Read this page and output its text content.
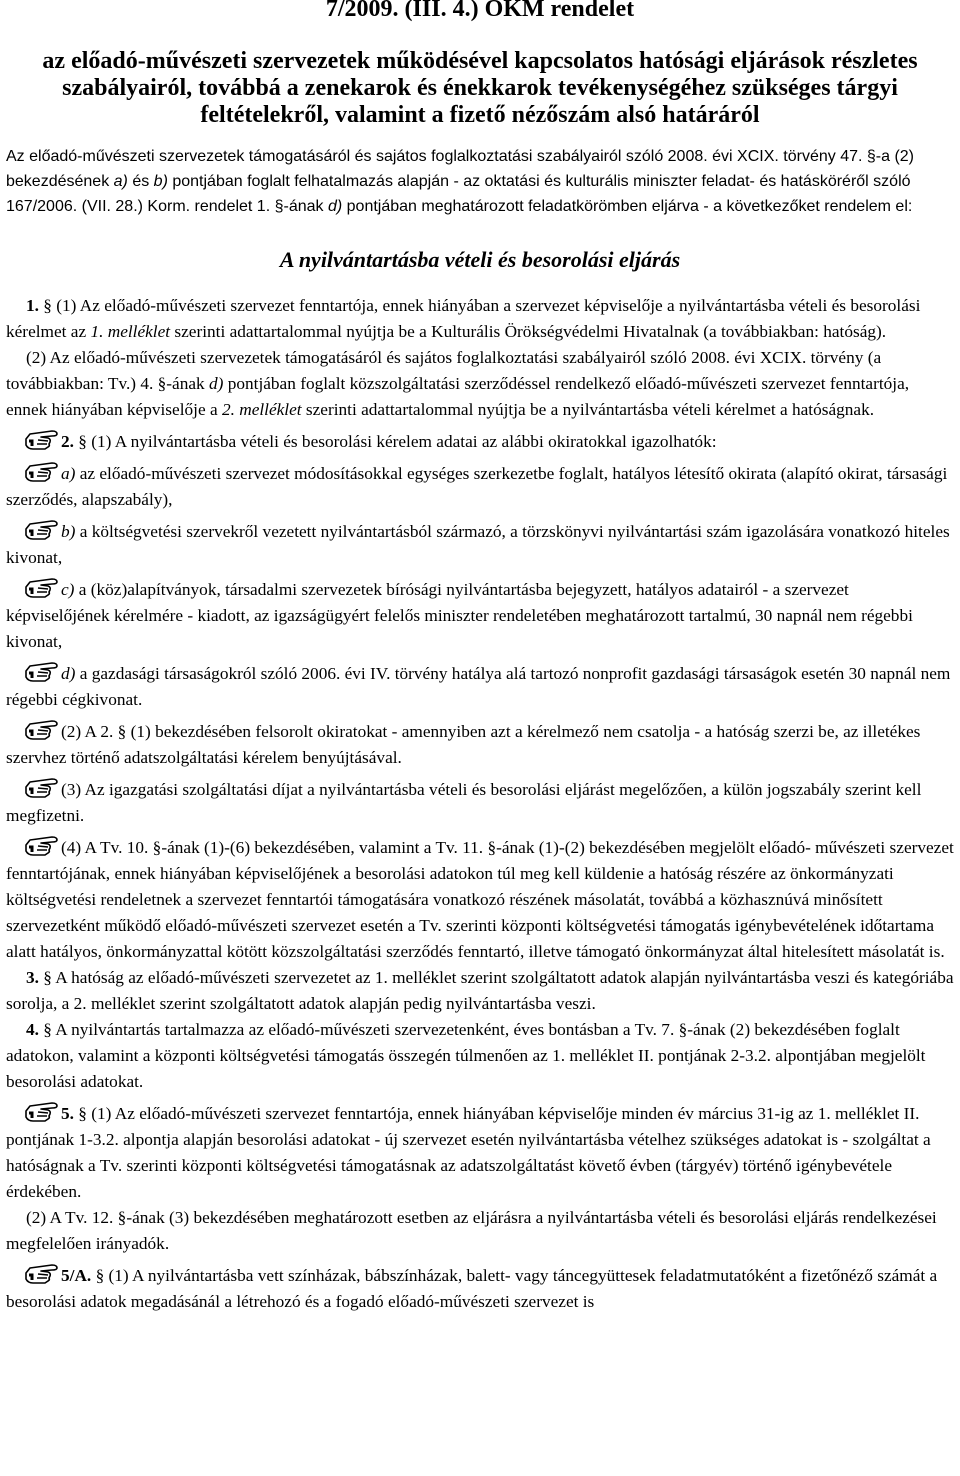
7/2009. (III. 4.) OKM rendelet

az előadó-művészeti szervezetek működésével kapcsolatos hatósági eljárások részletes szabályairól, továbbá a zenekarok és énekkarok tevékenységéhez szükséges tárgyi feltételekről, valamint a fizető nézőszám alsó határáról

Az előadó-művészeti szervezetek támogatásáról és sajátos foglalkoztatási szabályairól szóló 2008. évi XCIX. törvény 47. §-a (2) bekezdésének a) és b) pontjában foglalt felhatalmazás alapján - az oktatási és kulturális miniszter feladat- és hatásköréről szóló 167/2006. (VII. 28.) Korm. rendelet 1. §-ának d) pontjában meghatározott feladatkörömben eljárva - a következőket rendelem el:

A nyilvántartásba vételi és besorolási eljárás

1. § (1) Az előadó-művészeti szervezet fenntartója, ennek hiányában a szervezet képviselője a nyilvántartásba vételi és besorolási kérelmet az 1. melléklet szerinti adattartalommal nyújtja be a Kulturális Örökségvédelmi Hivatalnak (a továbbiakban: hatóság).

(2) Az előadó-művészeti szervezetek támogatásáról és sajátos foglalkoztatási szabályairól szóló 2008. évi XCIX. törvény (a továbbiakban: Tv.) 4. §-ának d) pontjában foglalt közszolgáltatási szerződéssel rendelkező előadó-művészeti szervezet fenntartója, ennek hiányában képviselője a 2. melléklet szerinti adattartalommal nyújtja be a nyilvántartásba vételi kérelmet a hatóságnak.

2. § (1) A nyilvántartásba vételi és besorolási kérelem adatai az alábbi okiratokkal igazolhatók:

a) az előadó-művészeti szervezet módosításokkal egységes szerkezetbe foglalt, hatályos létesítő okirata (alapító okirat, társasági szerződés, alapszabály),

b) a költségvetési szervekről vezetett nyilvántartásból származó, a törzskönyvi nyilvántartási szám igazolására vonatkozó hiteles kivonat,

c) a (köz)alapítványok, társadalmi szervezetek bírósági nyilvántartásba bejegyzett, hatályos adatairól - a szervezet képviselőjének kérelmére - kiadott, az igazságügyért felelős miniszter rendeletében meghatározott tartalmú, 30 napnál nem régebbi kivonat,

d) a gazdasági társaságokról szóló 2006. évi IV. törvény hatálya alá tartozó nonprofit gazdasági társaságok esetén 30 napnál nem régebbi cégkivonat.

(2) A 2. § (1) bekezdésében felsorolt okiratokat - amennyiben azt a kérelmező nem csatolja - a hatóság szerzi be, az illetékes szervhez történő adatszolgáltatási kérelem benyújtásával.

(3) Az igazgatási szolgáltatási díjat a nyilvántartásba vételi és besorolási eljárást megelőzően, a külön jogszabály szerint kell megfizetni.

(4) A Tv. 10. §-ának (1)-(6) bekezdésében, valamint a Tv. 11. §-ának (1)-(2) bekezdésében megjelölt előadó- művészeti szervezet fenntartójának, ennek hiányában képviselőjének a besorolási adatokon túl meg kell küldenie a hatóság részére az önkormányzati költségvetési rendeletnek a szervezet fenntartói támogatására vonatkozó részének másolatát, továbbá a közhasznúvá minősített szervezetként működő előadó-művészeti szervezet esetén a Tv. szerinti központi költségvetési támogatás igénybevételének időtartama alatt hatályos, önkormányzattal kötött közszolgáltatási szerződés fenntartó, illetve támogató önkormányzat által hitelesített másolatát is.

3. § A hatóság az előadó-művészeti szervezetet az 1. melléklet szerint szolgáltatott adatok alapján nyilvántartásba veszi és kategóriába sorolja, a 2. melléklet szerint szolgáltatott adatok alapján pedig nyilvántartásba veszi.

4. § A nyilvántartás tartalmazza az előadó-művészeti szervezetenként, éves bontásban a Tv. 7. §-ának (2) bekezdésében foglalt adatokon, valamint a központi költségvetési támogatás összegén túlmenően az 1. melléklet II. pontjának 2-3.2. alpontjában megjelölt besorolási adatokat.

5. § (1) Az előadó-művészeti szervezet fenntartója, ennek hiányában képviselője minden év március 31-ig az 1. melléklet II. pontjának 1-3.2. alpontja alapján besorolási adatokat - új szervezet esetén nyilvántartásba vételhez szükséges adatokat is - szolgáltat a hatóságnak a Tv. szerinti központi költségvetési támogatásnak az adatszolgáltatást követő évben (tárgyév) történő igénybevétele érdekében.

(2) A Tv. 12. §-ának (3) bekezdésében meghatározott esetben az eljárásra a nyilvántartásba vételi és besorolási eljárás rendelkezései megfelelően irányadók.

5/A. § (1) A nyilvántartásba vett színházak, bábszínházak, balett- vagy táncegyüttesek feladatmutatóként a fizetőnéző számát a besorolási adatok megadásánál a létrehozó és a fogadó előadó-művészeti szervezet is
